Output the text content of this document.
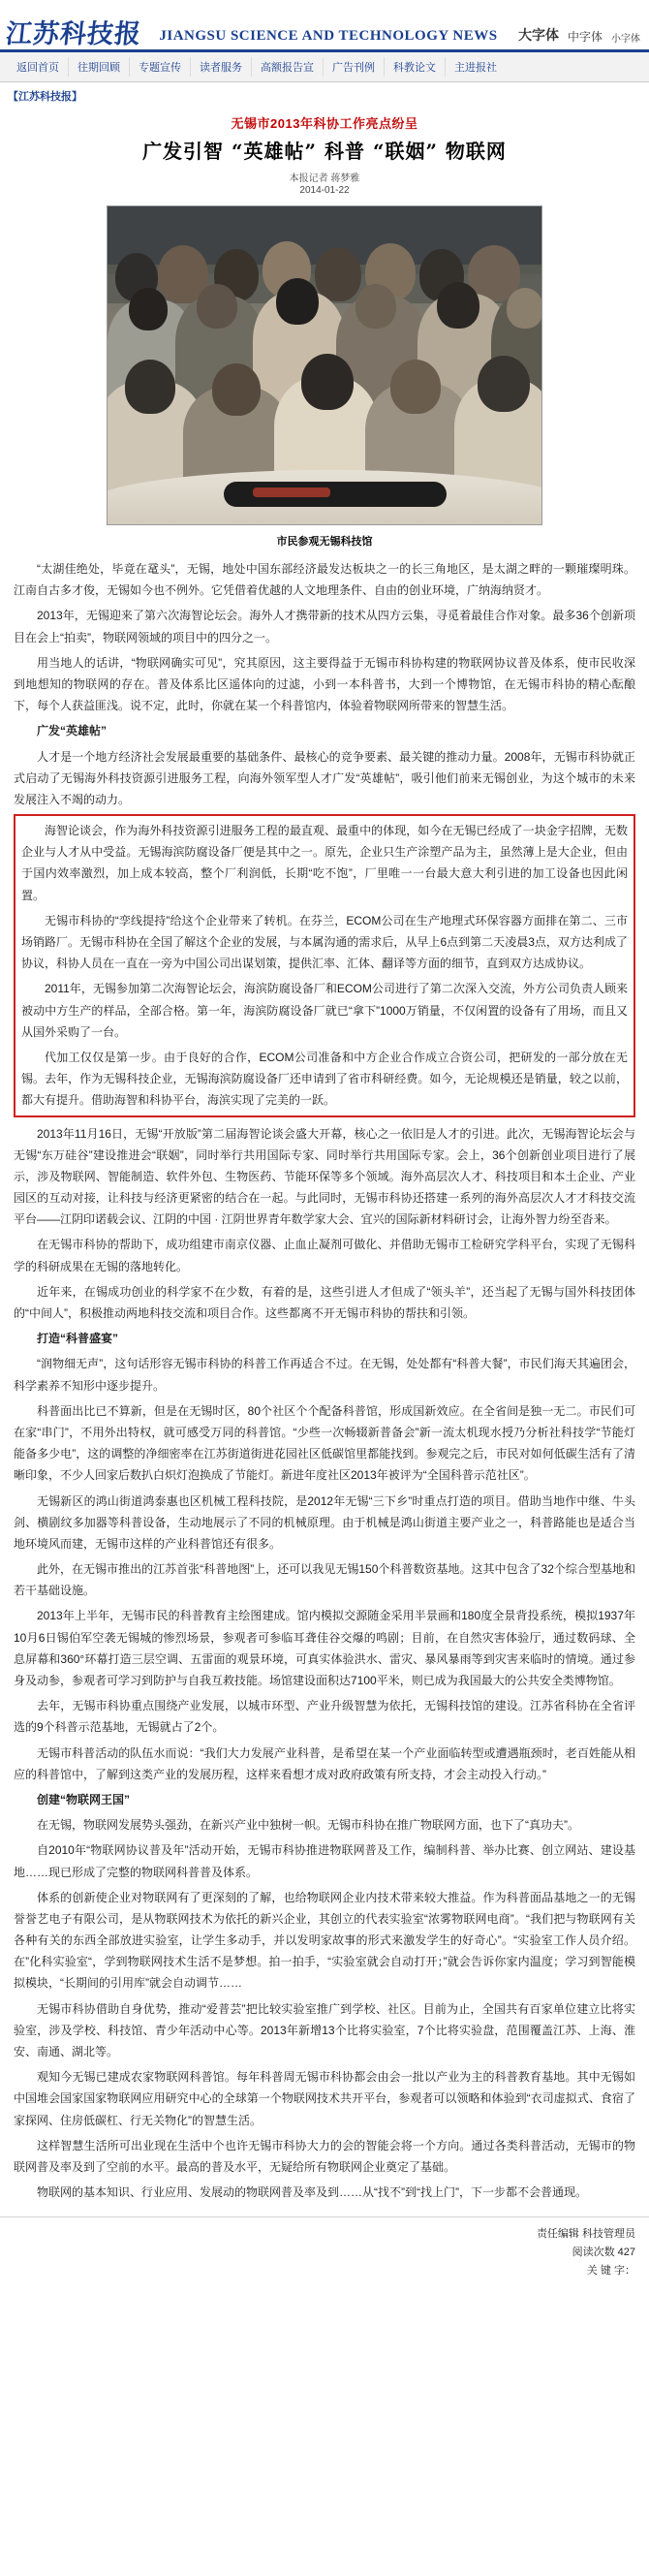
江苏科技报	JIANGSU SCIENCE AND TECHNOLOGY NEWS	大字体 中字体 小字体
返回首页	往期回顾	专题宣传	读者服务	高额报告宣	广告刊例	科教论文	主进报社
【江苏科技报】
无锡市2013年科协工作亮点纷呈
广发引智 “英雄帖” 科普 “联姻” 物联网
本报记者 蒋梦雅
2014-01-22
市民参观无锡科技馆

“太湖佳绝处，毕竟在鼋头”，无锡，地处中国东部经济最发达板块之一的长三角地区，是太湖之畔的一颗璀璨明珠。江南自古多才俊，无锡如今也不例外。它凭借着优越的人文地理条件、自由的创业环境，广纳海纳贤才。

2013年，无锡迎来了第六次海智论坛会。海外人才携带新的技术从四方云集，寻觅着最佳合作对象。最多36个创新项目在会上“拍卖”，物联网领域的项目中的四分之一。

用当地人的话讲，“物联网确实可见”，究其原因，这主要得益于无锡市科协构建的物联网协议普及体系，使市民收深到地想知的物联网的存在。普及体系比区遥体向的过滤，小到一本科普书，大到一个博物馆，在无锡市科协的精心酝酿下，每个人获益匪浅。说不定，此时，你就在某一个科普馆内，体验着物联网所带来的智慧生活。

广发“英雄帖”

人才是一个地方经济社会发展最重要的基础条件、最核心的竞争要素、最关键的推动力量。2008年，无锡市科协就正式启动了无锡海外科技资源引进服务工程，向海外领军型人才广发“英雄帖”，吸引他们前来无锡创业，为这个城市的未来发展注入不竭的动力。

海智论谈会，作为海外科技资源引进服务工程的最直观、最重中的体现，如今在无锡已经成了一块金字招牌，无数企业与人才从中受益。无锡海滨防腐设备厂便是其中之一。原先，企业只生产涂塑产品为主，虽然薄上是大企业，但由于国内效率激烈，加上成本较高，整个厂利润低，长期“吃不饱”，厂里唯一一台最大意大利引进的加工设备也因此闲置。

无锡市科协的“孪线提持”给这个企业带来了转机。在芬兰，ECOM公司在生产地理式环保容器方面排在第二、三市场销路厂。无锡市科协在全国了解这个企业的发展，与本属沟通的需求后，从早上6点到第二天凌晨3点，双方达利成了协议，科协人员在一直在一旁为中国公司出谋划策，提供汇率、汇体、翻译等方面的细节，直到双方达成协议。

2011年，无锡参加第二次海智论坛会，海滨防腐设备厂和ECOM公司进行了第二次深入交流，外方公司负责人顾来被动中方生产的样品，全部合格。第一年，海滨防腐设备厂就已“拿下”1000万销量，不仅闲置的设备有了用场，而且又从国外采购了一台。

代加工仅仅是第一步。由于良好的合作，ECOM公司准备和中方企业合作成立合资公司，把研发的一部分放在无锡。去年，作为无锡科技企业，无锡海滨防腐设备厂还申请到了省市科研经费。如今，无论规模还是销量，较之以前，都大有提升。借助海智和科协平台，海滨实现了完美的一跃。

2013年11月16日，无锡“开放版”第二届海智论谈会盛大开幕，核心之一依旧是人才的引进。此次，无锡海智论坛会与无锡“东万硅谷”建设推进会“联姻”，同时举行共用国际专家、同时举行共用国际专家。会上，36个创新创业项目进行了展示，涉及物联网、智能制造、软件外包、生物医药、节能环保等多个领域。海外高层次人才、科技项目和本土企业、产业园区的互动对接，让科技与经济更紧密的结合在一起。与此同时，无锡市科协还搭建一系列的海外高层次人才才科技交流平台——江阴印诺载会议、江阴的中国 · 江阴世界青年数学家大会、宜兴的国际新材料研讨会，让海外智力纷至沓来。

在无锡市科协的帮助下，成功组建市南京仪器、止血止凝剂可做化、并借助无锡市工检研究学科平台，实现了无锡科学的科研成果在无锡的落地转化。

近年来，在锡成功创业的科学家不在少数，有着的是，这些引进人才但成了“领头羊”，还当起了无锡与国外科技团体的“中间人”，积极推动两地科技交流和项目合作。这些都离不开无锡市科协的帮扶和引领。

打造“科普盛宴”

“润物细无声”，这句话形容无锡市科协的科普工作再适合不过。在无锡，处处都有“科普大餐”，市民们海天其遍团会，科学素养不知形中逐步提升。

科普面出比已不算新，但是在无锡时区，80个社区个个配备科普馆，形成国新效应。在全省间是独一无二。市民们可在家“串门”，不用外出特权，就可感受万同的科普馆。“少些一次畅辍新普备会”新一流太机现水授乃分析社科技学“节能灯能备多少电”，这的调整的净细密率在江苏街道街进花园社区低碳馆里都能找到。参观完之后，市民对如何低碳生活有了清晰印象，不少人回家后数扒白炽灯泡换成了节能灯。新进年度社区2013年被评为“全国科普示范社区”。

无锡新区的鸿山街道鸿泰惠也区机械工程科技院，是2012年无锡“三下乡”时重点打造的项目。借助当地作中继、牛头剑、横剧纹多加器等科普设备，生动地展示了不同的机械原理。由于机械是鸿山街道主要产业之一，科普路能也是适合当地环境风而建，无锡市这样的产业科普馆还有很多。

此外，在无锡市推出的江苏首张“科普地图”上，还可以我见无锡150个科普数资基地。这其中包含了32个综合型基地和若干基础设施。

2013年上半年，无锡市民的科普教育主绘图建成。馆内模拟交源随金采用半景画和180度全景背投系统，模拟1937年10月6日锡伯军空袭无锡城的惨烈场景，参观者可参临耳聋佳谷交爆的鸣剧；目前，在自然灾害体验厅，通过数码球、全息屏幕和360°环幕打造三层空调、五雷面的观景环境，可真实体验洪水、雷灾、暴风暴雨等到灾害来临时的情境。通过参身及动参，参观者可学习到防护与自我互救技能。场馆建设面积达7100平米，则已成为我国最大的公共安全类博物馆。

去年，无锡市科协重点围绕产业发展，以城市环型、产业升级智慧为依托，无锡科技馆的建设。江苏省科协在全省评选的9个科普示范基地，无锡就占了2个。

无锡市科普活动的队伍水而说：“我们大力发展产业科普，是希望在某一个产业面临转型或遭遇瓶颈时，老百姓能从相应的科普馆中，了解到这类产业的发展历程，这样来看想才成对政府政策有所支持，才会主动投入行动。”

创建“物联网王国”

在无锡，物联网发展势头强劲，在新兴产业中独树一帜。无锡市科协在推广物联网方面，也下了“真功夫”。

自2010年“物联网协议普及年”活动开始，无锡市科协推进物联网普及工作，编制科普、举办比赛、创立网站、建设基地……现已形成了完整的物联网科普普及体系。

体系的创新使企业对物联网有了更深刻的了解，也给物联网企业内技术带来较大推益。作为科普面品基地之一的无锡誉誉艺电子有限公司，是从物联网技术为依托的新兴企业，其创立的代表实验室“浓雾物联网电商”。“我们把与物联网有关各种有关的东西全部放进实验室，让学生多动手，并以发明家故事的形式来激发学生的好奇心”。“实验室工作人员介绍。在”化科实验室“，学到物联网技术生活不是梦想。拍一拍手，“实验室就会自动打开；”就会告诉你家内温度；学习到智能模拟模块，“长期间的引用库”就会自动调节……

无锡市科协借助自身优势，推动“爱普芸”把比较实验室推广到学校、社区。目前为止，全国共有百家单位建立比将实验室，涉及学校、科技馆、青少年活动中心等。2013年新增13个比将实验室，7个比将实验盘，范围覆盖江苏、上海、淮安、南通、湖北等。

观知今无锡已建成农家物联网科普馆。每年科普周无锡市科协都会由会一批以产业为主的科普教育基地。其中无锡如中国堆会国家国家物联网应用研究中心的全球第一个物联网技术共开平台，参观者可以领略和体验到“衣司虚拟式、食宿了家探网、住房低碳杠、行无关物化”的智慧生活。

这样智慧生活所可出业现在生活中个也许无锡市科协大力的会的智能会将一个方向。通过各类科普活动，无锡市的物联网普及率及到了空前的水平。最高的普及水平，无疑给所有物联网企业奠定了基础。

物联网的基本知识、行业应用、发展动的物联网普及率及到……从“找不”到“找上门”，下一步都不会普通现。

责任编辑 科技管理员
阅读次数 427
关 键 字：
